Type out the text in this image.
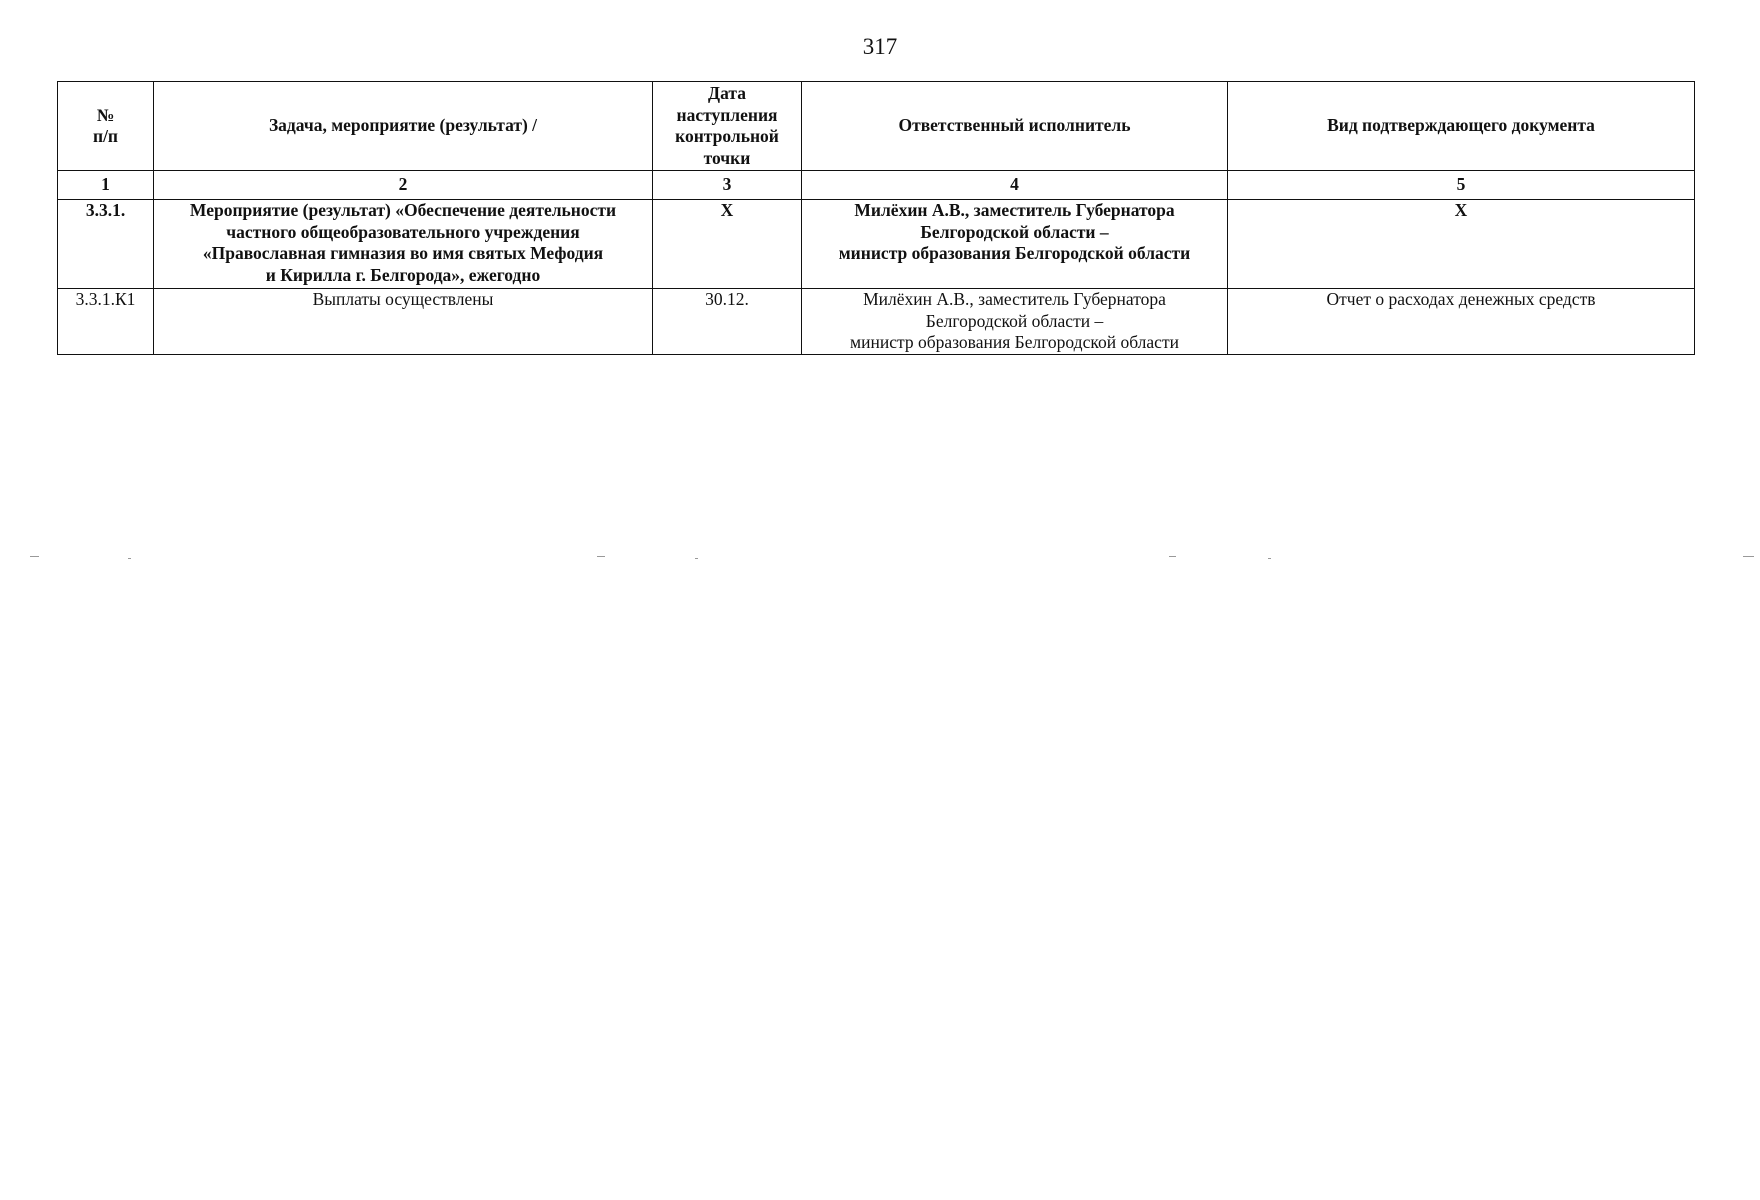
317
№
п/п	Задача, мероприятие (результат) /	Дата
наступления
контрольной
точки	Ответственный исполнитель	Вид подтверждающего документа

1	2	3	4	5
3.3.1.	Мероприятие (результат) «Обеспечение деятельности
частного общеобразовательного учреждения
«Православная гимназия во имя святых Мефодия
и Кирилла г. Белгорода», ежегодно	X	Милёхин А.В., заместитель Губернатора
Белгородской области –
министр образования Белгородской области	X
3.3.1.К1	Выплаты осуществлены	30.12.	Милёхин А.В., заместитель Губернатора
Белгородской области –
министр образования Белгородской области	Отчет о расходах денежных средств
